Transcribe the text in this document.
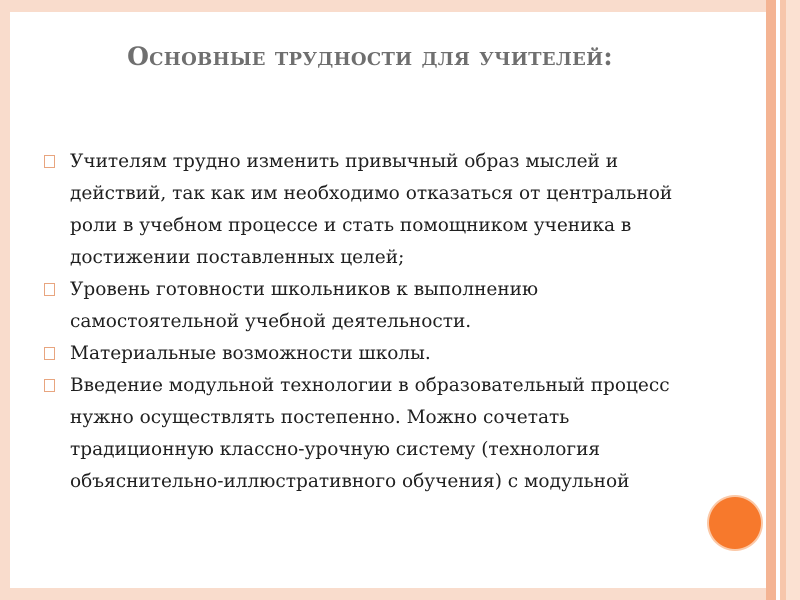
Основные трудности для учителей:
Учителям трудно изменить привычный образ мыслей и действий, так как им необходимо отказаться от центральной роли в учебном процессе и стать помощником ученика в достижении поставленных целей;
Уровень готовности школьников к выполнению самостоятельной учебной деятельности.
Материальные возможности школы.
Введение модульной технологии в образовательный процесс нужно осуществлять постепенно. Можно сочетать традиционную классно-урочную систему (технология объяснительно-иллюстративного обучения) с модульной
